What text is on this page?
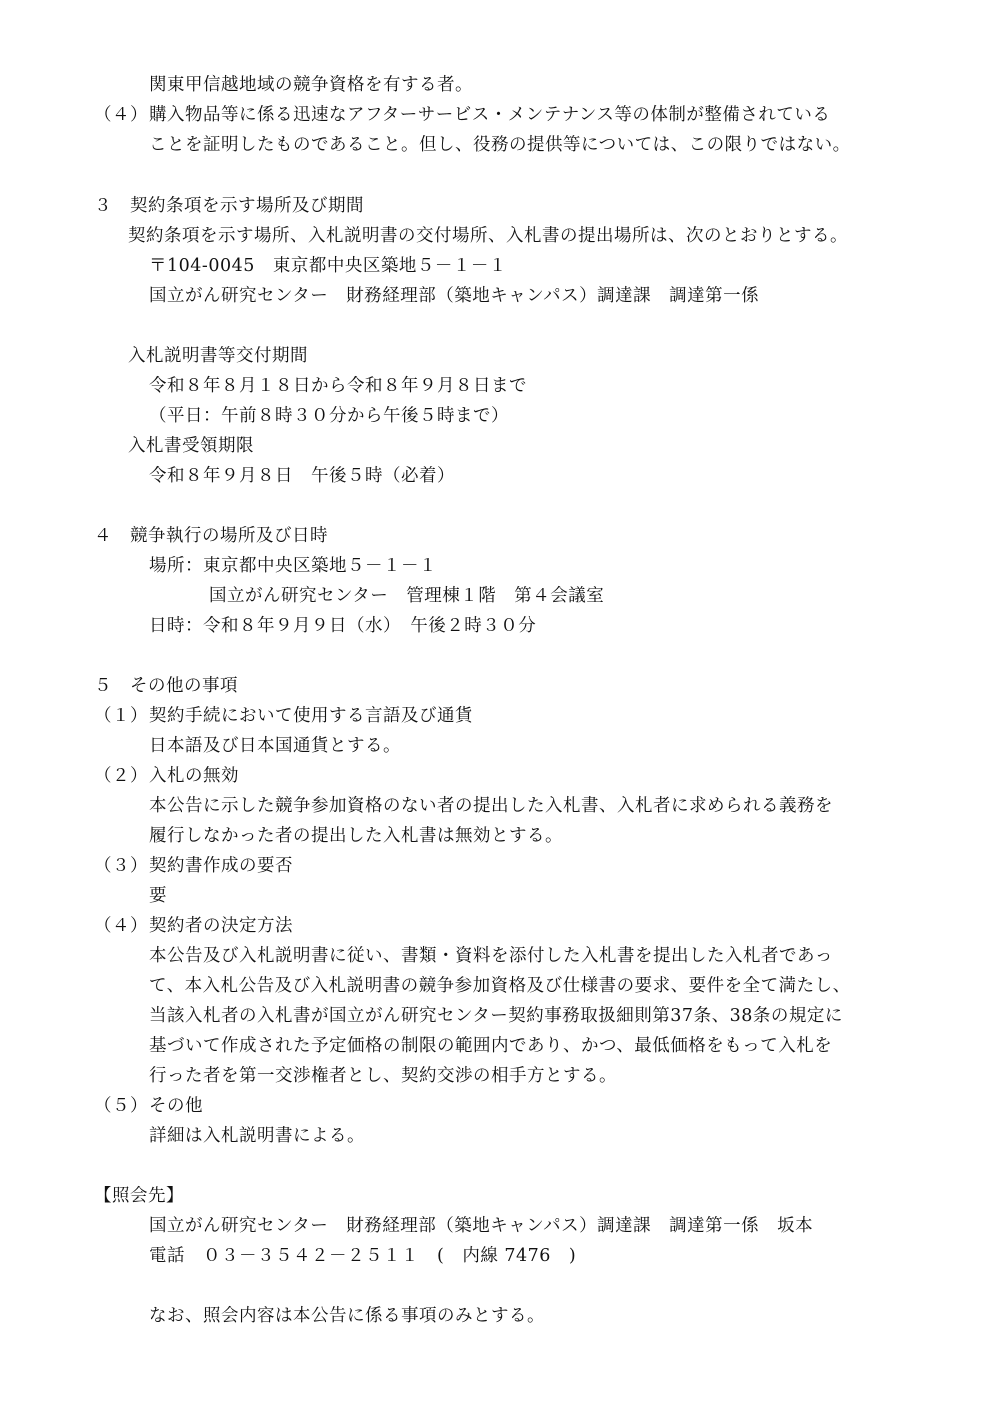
関東甲信越地域の競争資格を有する者。
（４） 購入物品等に係る迅速なアフターサービス・メンテナンス等の体制が整備されている
ことを証明したものであること。但し、役務の提供等については、この限りではない。
３　契約条項を示す場所及び期間
契約条項を示す場所、入札説明書の交付場所、入札書の提出場所は、次のとおりとする。
〒104-0045　東京都中央区築地５－１－１
国立がん研究センター　財務経理部（築地キャンパス）調達課　調達第一係
入札説明書等交付期間
令和８年８月１８日から令和８年９月８日まで
（平日：午前８時３０分から午後５時まで）
入札書受領期限
令和８年９月８日　午後５時（必着）
４　競争執行の場所及び日時
場所：東京都中央区築地５－１－１
国立がん研究センター　管理棟１階　第４会議室
日時：令和８年９月９日（水）　午後２時３０分
５　その他の事項
（１） 契約手続において使用する言語及び通貨
日本語及び日本国通貨とする。
（２） 入札の無効
本公告に示した競争参加資格のない者の提出した入札書、入札者に求められる義務を
履行しなかった者の提出した入札書は無効とする。
（３） 契約書作成の要否
要
（４） 契約者の決定方法
本公告及び入札説明書に従い、書類・資料を添付した入札書を提出した入札者であっ
て、本入札公告及び入札説明書の競争参加資格及び仕様書の要求、要件を全て満たし、
当該入札者の入札書が国立がん研究センター契約事務取扱細則第37条、38条の規定に
基づいて作成された予定価格の制限の範囲内であり、かつ、最低価格をもって入札を
行った者を第一交渉権者とし、契約交渉の相手方とする。
（５） その他
詳細は入札説明書による。
【照会先】
国立がん研究センター　財務経理部（築地キャンパス）調達課　調達第一係　坂本
電話　０３－３５４２－２５１１　(　内線 7476　)
なお、照会内容は本公告に係る事項のみとする。
